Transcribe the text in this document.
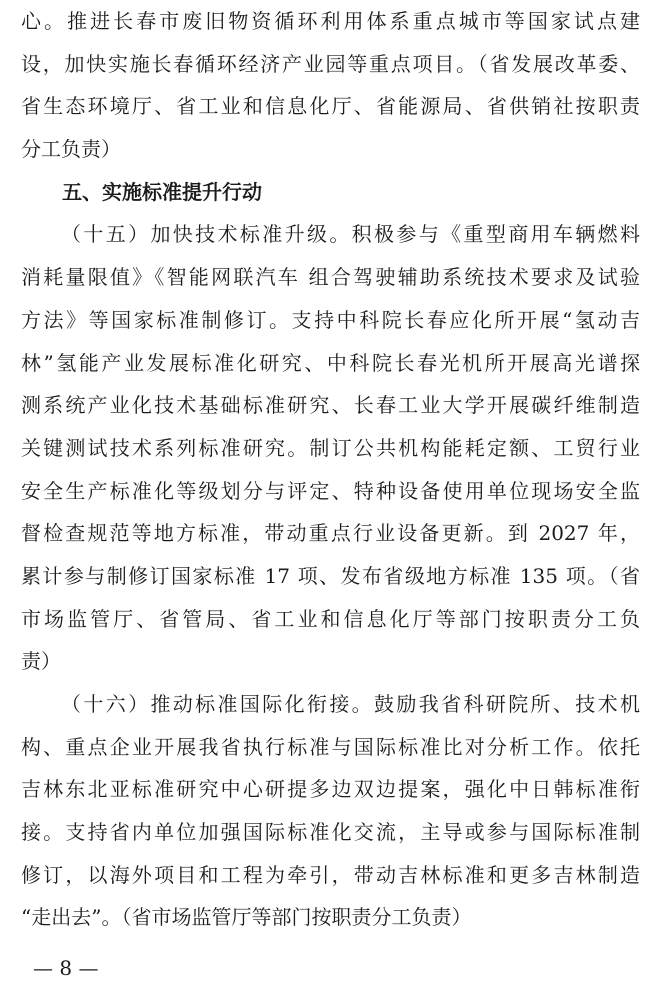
心。推进长春市废旧物资循环利用体系重点城市等国家试点建
设，加快实施长春循环经济产业园等重点项目。（省发展改革委、
省生态环境厅、省工业和信息化厅、省能源局、省供销社按职责
分工负责）
五、实施标准提升行动
（十五）加快技术标准升级。积极参与《重型商用车辆燃料
消耗量限值》《智能网联汽车 组合驾驶辅助系统技术要求及试验
方法》等国家标准制修订。支持中科院长春应化所开展“氢动吉
林”氢能产业发展标准化研究、中科院长春光机所开展高光谱探
测系统产业化技术基础标准研究、长春工业大学开展碳纤维制造
关键测试技术系列标准研究。制订公共机构能耗定额、工贸行业
安全生产标准化等级划分与评定、特种设备使用单位现场安全监
督检查规范等地方标准，带动重点行业设备更新。到 2027 年，
累计参与制修订国家标准 17 项、发布省级地方标准 135 项。（省
市场监管厅、省管局、省工业和信息化厅等部门按职责分工负
责）
（十六）推动标准国际化衔接。鼓励我省科研院所、技术机
构、重点企业开展我省执行标准与国际标准比对分析工作。依托
吉林东北亚标准研究中心研提多边双边提案，强化中日韩标准衔
接。支持省内单位加强国际标准化交流，主导或参与国际标准制
修订，以海外项目和工程为牵引，带动吉林标准和更多吉林制造
“走出去”。（省市场监管厅等部门按职责分工负责）
— 8 —
